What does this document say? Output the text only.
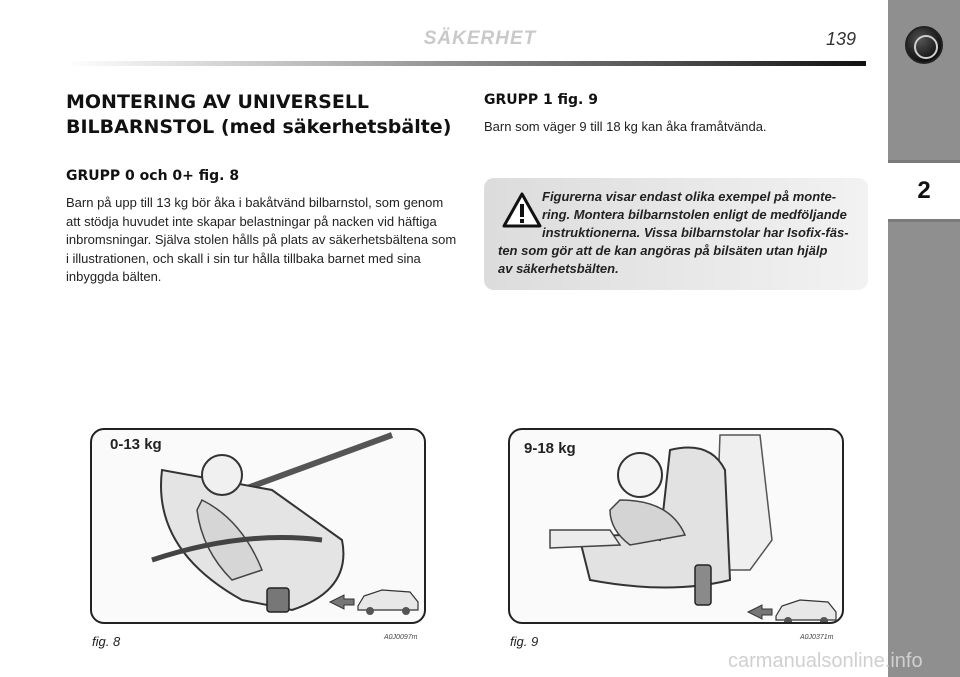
SÄKERHET	139
2
MONTERING AV UNIVERSELL
BILBARNSTOL (med säkerhetsbälte)
GRUPP 0 och 0+ fig. 8
Barn på upp till 13 kg bör åka i bakåtvänd bilbarnstol, som genom
att stödja huvudet inte skapar belastningar på nacken vid häftiga
inbromsningar. Själva stolen hålls på plats av säkerhetsbältena som
i illustrationen, och skall i sin tur hålla tillbaka barnet med sina
inbyggda bälten.
GRUPP 1 fig. 9
Barn som väger 9 till 18 kg kan åka framåtvända.
Figurerna visar endast olika exempel på monte-
ring. Montera bilbarnstolen enligt de medföljande
instruktionerna. Vissa bilbarnstolar har Isofix-fäs-
ten som gör att de kan angöras på bilsäten utan hjälp
av säkerhetsbälten.
0-13 kg
fig. 8	A0J0097m
9-18 kg
fig. 9	A0J0371m
carmanualsonline.info
